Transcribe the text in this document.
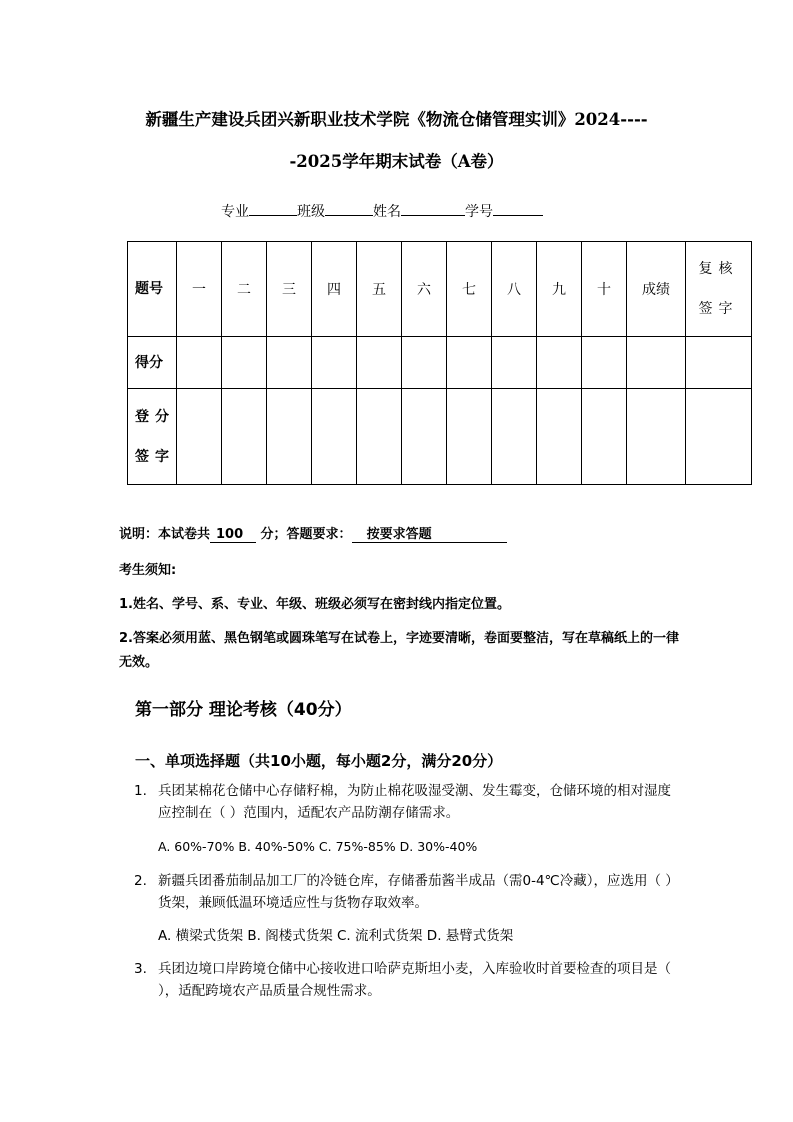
新疆生产建设兵团兴新职业技术学院《物流仓储管理实训》2024----
-2025学年期末试卷（A卷）
专业	班级	姓名	学号
题号	一	二	三	四	五	六	七	八	九	十	成绩	复核签字
得分												
登分签字												
说明：本试卷共 100 分；答题要求： 按要求答题
考生须知:
1.姓名、学号、系、专业、年级、班级必须写在密封线内指定位置。
2.答案必须用蓝、黑色钢笔或圆珠笔写在试卷上，字迹要清晰，卷面要整洁，写在草稿纸上的一律无效。
第一部分 理论考核（40分）
一、单项选择题（共10小题，每小题2分，满分20分）
1. 兵团某棉花仓储中心存储籽棉，为防止棉花吸湿受潮、发生霉变，仓储环境的相对湿度应控制在（ ）范围内，适配农产品防潮存储需求。
A. 60%-70% B. 40%-50% C. 75%-85% D. 30%-40%
2. 新疆兵团番茄制品加工厂的冷链仓库，存储番茄酱半成品（需0-4℃冷藏），应选用（ ）货架，兼顾低温环境适应性与货物存取效率。
A. 横梁式货架 B. 阁楼式货架 C. 流利式货架 D. 悬臂式货架
3. 兵团边境口岸跨境仓储中心接收进口哈萨克斯坦小麦，入库验收时首要检查的项目是（ ），适配跨境农产品质量合规性需求。
